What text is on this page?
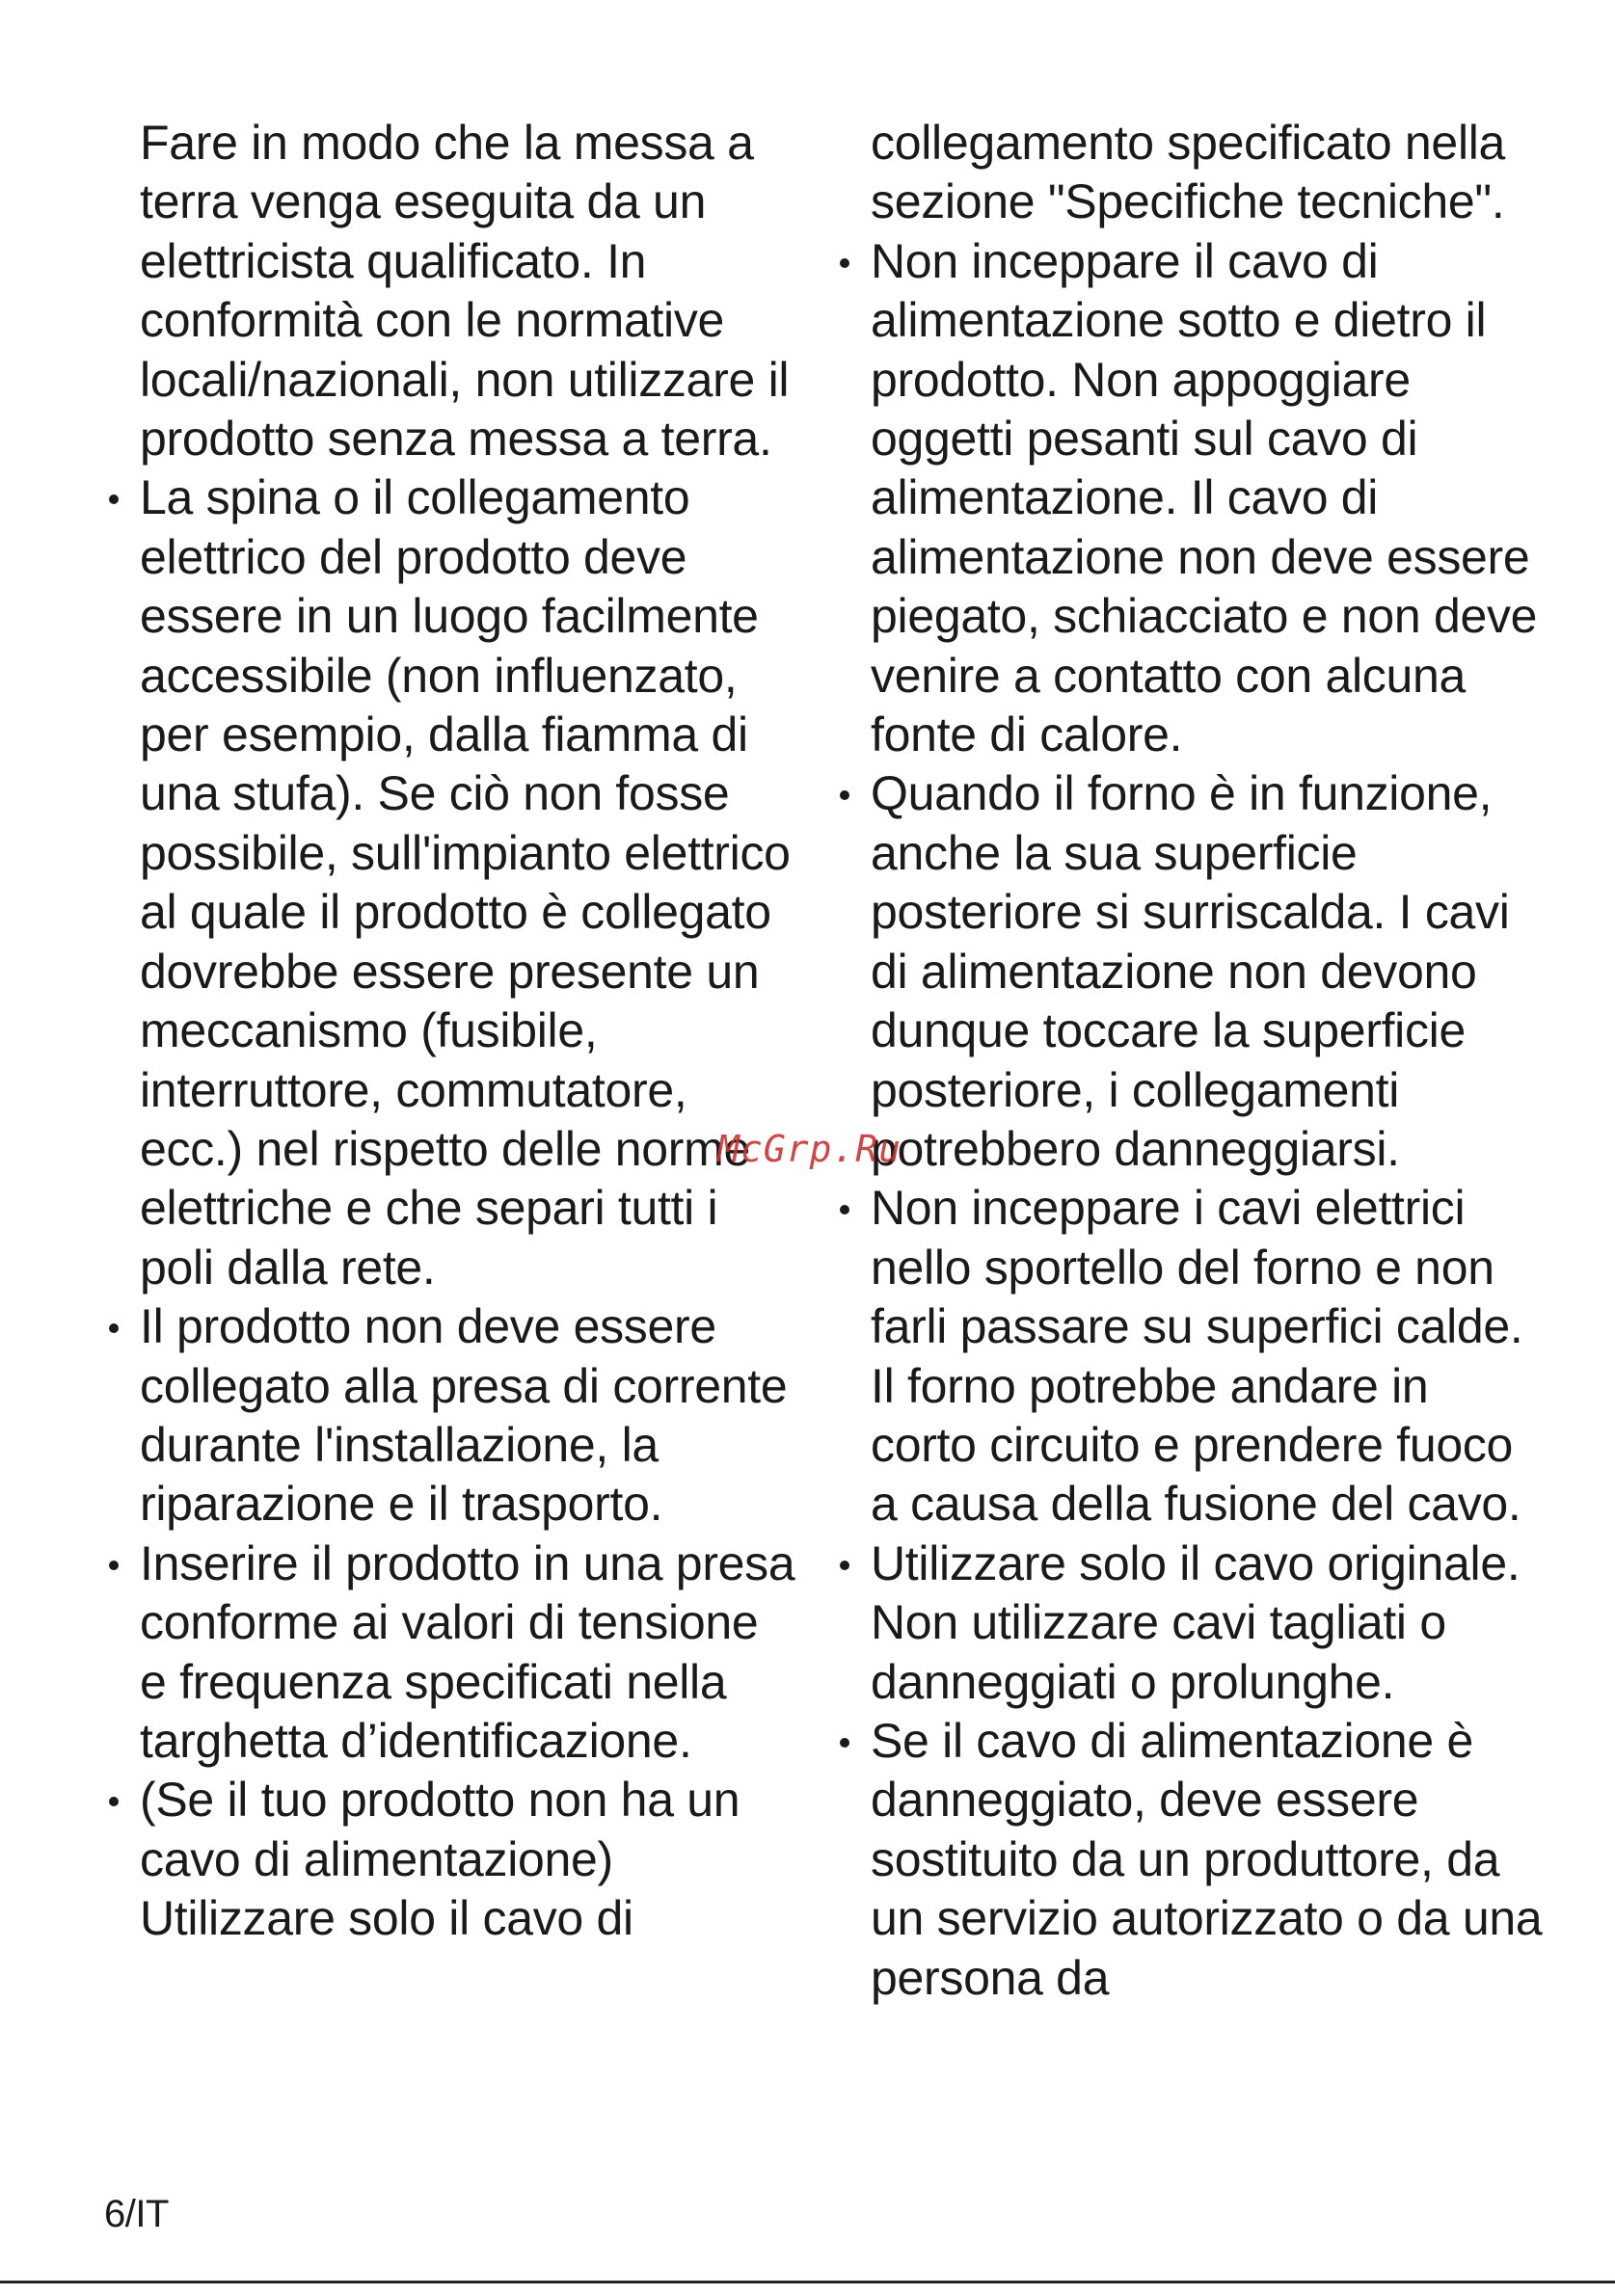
Fare in modo che la messa a terra venga eseguita da un elettricista qualificato. In conformità con le normative locali/nazionali, non utilizzare il prodotto senza messa a terra.
La spina o il collegamento elettrico del prodotto deve essere in un luogo facilmente accessibile (non influenzato, per esempio, dalla fiamma di una stufa). Se ciò non fosse possibile, sull'impianto elettrico al quale il prodotto è collegato dovrebbe essere presente un meccanismo (fusibile, interruttore, commutatore, ecc.) nel rispetto delle norme elettriche e che separi tutti i poli dalla rete.
Il prodotto non deve essere collegato alla presa di corrente durante l'installazione, la riparazione e il trasporto.
Inserire il prodotto in una presa conforme ai valori di tensione e frequenza specificati nella targhetta d’identificazione.
(Se il tuo prodotto non ha un cavo di alimentazione) Utilizzare solo il cavo di
collegamento specificato nella sezione "Specifiche tecniche".
Non inceppare il cavo di alimentazione sotto e dietro il prodotto. Non appoggiare oggetti pesanti sul cavo di alimentazione. Il cavo di alimentazione non deve essere piegato, schiacciato e non deve venire a contatto con alcuna fonte di calore.
Quando il forno è in funzione, anche la sua superficie posteriore si surriscalda. I cavi di alimentazione non devono dunque toccare la superficie posteriore, i collegamenti potrebbero danneggiarsi.
Non inceppare i cavi elettrici nello sportello del forno e non farli passare su superfici calde. Il forno potrebbe andare in corto circuito e prendere fuoco a causa della fusione del cavo.
Utilizzare solo il cavo originale. Non utilizzare cavi tagliati o danneggiati o prolunghe.
Se il cavo di alimentazione è danneggiato, deve essere sostituito da un produttore, da un servizio autorizzato o da una persona da
McGrp.Ru
6/IT
